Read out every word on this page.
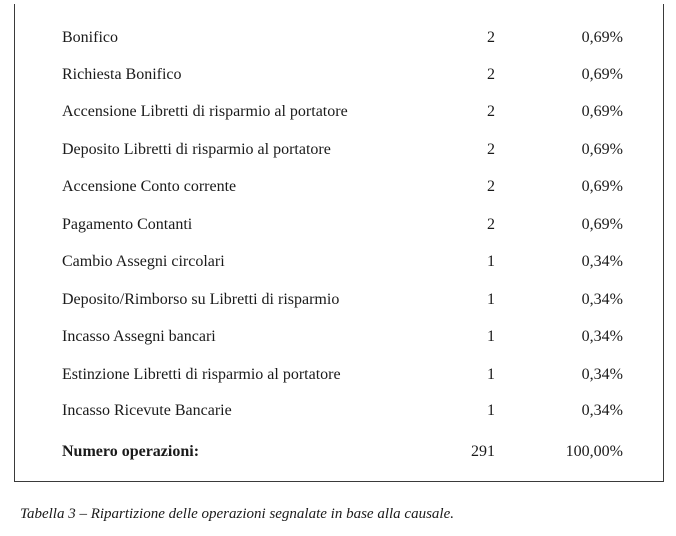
Bonifico	2	0,69%
Richiesta Bonifico	2	0,69%
Accensione Libretti di risparmio al portatore	2	0,69%
Deposito Libretti di risparmio al portatore	2	0,69%
Accensione Conto corrente	2	0,69%
Pagamento Contanti	2	0,69%
Cambio Assegni circolari	1	0,34%
Deposito/Rimborso su Libretti di risparmio	1	0,34%
Incasso Assegni bancari	1	0,34%
Estinzione Libretti di risparmio al portatore	1	0,34%
Incasso Ricevute Bancarie	1	0,34%
Numero operazioni:	291	100,00%
Tabella 3 – Ripartizione delle operazioni segnalate in base alla causale.
